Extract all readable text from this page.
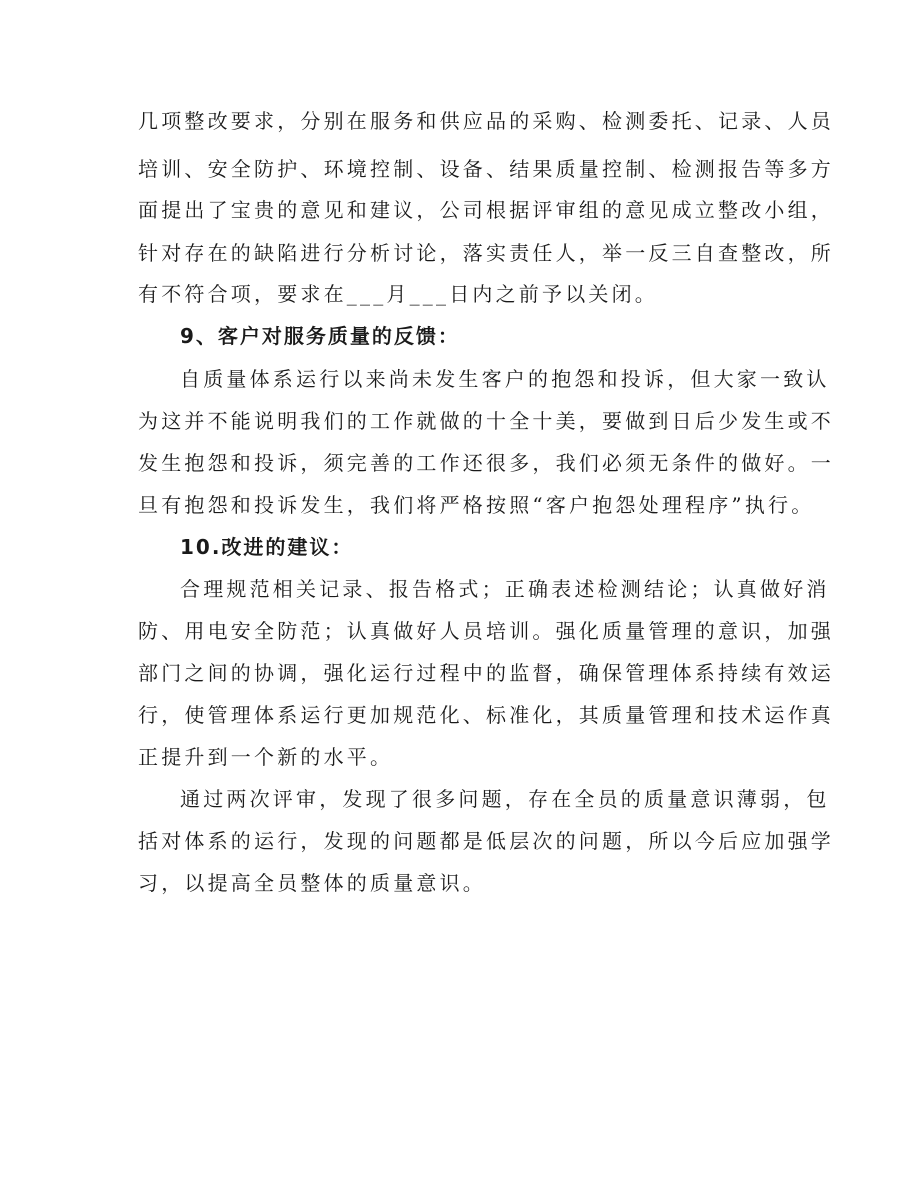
几项整改要求，分别在服务和供应品的采购、检测委托、记录、人员
培训、安全防护、环境控制、设备、结果质量控制、检测报告等多方
面提出了宝贵的意见和建议，公司根据评审组的意见成立整改小组，
针对存在的缺陷进行分析讨论，落实责任人，举一反三自查整改，所
有不符合项，要求在___月___日内之前予以关闭。
9、客户对服务质量的反馈：
自质量体系运行以来尚未发生客户的抱怨和投诉，但大家一致认
为这并不能说明我们的工作就做的十全十美，要做到日后少发生或不
发生抱怨和投诉，须完善的工作还很多，我们必须无条件的做好。一
旦有抱怨和投诉发生，我们将严格按照“客户抱怨处理程序”执行。
10.改进的建议：
合理规范相关记录、报告格式；正确表述检测结论；认真做好消
防、用电安全防范；认真做好人员培训。强化质量管理的意识，加强
部门之间的协调，强化运行过程中的监督，确保管理体系持续有效运
行，使管理体系运行更加规范化、标准化，其质量管理和技术运作真
正提升到一个新的水平。
通过两次评审，发现了很多问题，存在全员的质量意识薄弱，包
括对体系的运行，发现的问题都是低层次的问题，所以今后应加强学
习，以提高全员整体的质量意识。
